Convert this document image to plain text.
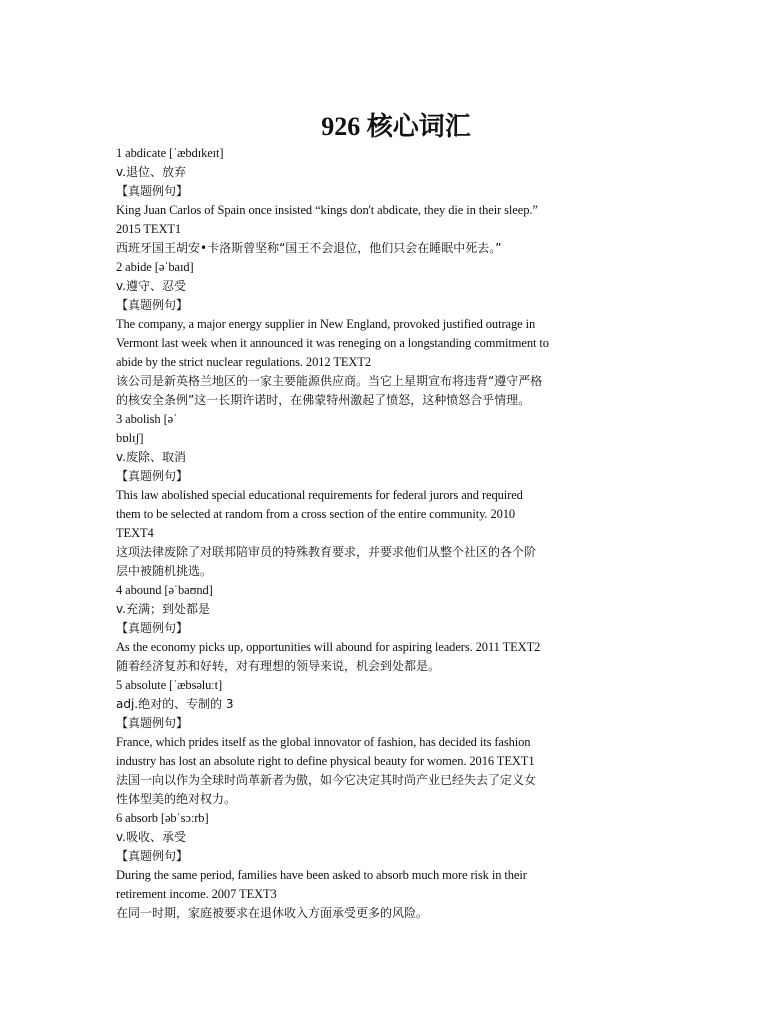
926 核心词汇
1 abdicate [ˈæbdɪkeɪt]
v.退位、放弃
【真题例句】
King Juan Carlos of Spain once insisted “kings don't abdicate, they die in their sleep.”
2015 TEXT1
西班牙国王胡安•卡洛斯曾坚称“国王不会退位，他们只会在睡眠中死去。”
2 abide [əˈbaɪd]
v.遵守、忍受
【真题例句】
The company, a major energy supplier in New England, provoked justified outrage in
Vermont last week when it announced it was reneging on a longstanding commitment to
abide by the strict nuclear regulations. 2012 TEXT2
该公司是新英格兰地区的一家主要能源供应商。当它上星期宣布将违背“遵守严格
的核安全条例”这一长期许诺时，在佛蒙特州激起了愤怒，这种愤怒合乎情理。
3 abolish [əˈ
bɒlɪʃ]
v.废除、取消
【真题例句】
This law abolished special educational requirements for federal jurors and required
them to be selected at random from a cross section of the entire community. 2010
TEXT4
这项法律废除了对联邦陪审员的特殊教育要求，并要求他们从整个社区的各个阶
层中被随机挑选。
4 abound [əˈbaʊnd]
v.充满；到处都是
【真题例句】
As the economy picks up, opportunities will abound for aspiring leaders. 2011 TEXT2
随着经济复苏和好转，对有理想的领导来说，机会到处都是。
5 absolute [ˈæbsəluːt]
adj.绝对的、专制的 3
【真题例句】
France, which prides itself as the global innovator of fashion, has decided its fashion
industry has lost an absolute right to define physical beauty for women. 2016 TEXT1
法国一向以作为全球时尚革新者为傲，如今它决定其时尚产业已经失去了定义女
性体型美的绝对权力。
6 absorb [əbˈsɔːrb]
v.吸收、承受
【真题例句】
During the same period, families have been asked to absorb much more risk in their
retirement income. 2007 TEXT3
在同一时期，家庭被要求在退休收入方面承受更多的风险。
